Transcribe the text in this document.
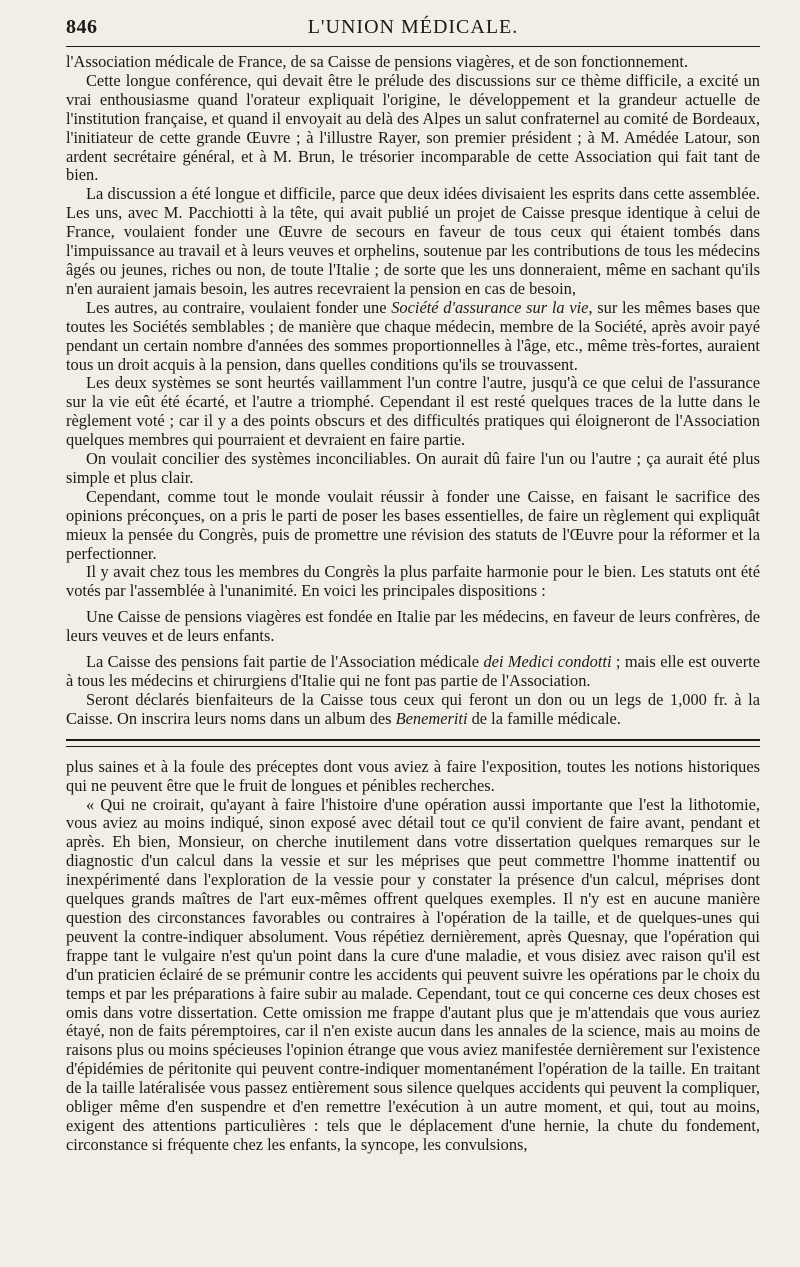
846	L'UNION MÉDICALE.

l'Association médicale de France, de sa Caisse de pensions viagères, et de son fonctionnement.

Cette longue conférence, qui devait être le prélude des discussions sur ce thème difficile, a excité un vrai enthousiasme quand l'orateur expliquait l'origine, le développement et la grandeur actuelle de l'institution française, et quand il envoyait au delà des Alpes un salut confraternel au comité de Bordeaux, l'initiateur de cette grande Œuvre ; à l'illustre Rayer, son premier président ; à M. Amédée Latour, son ardent secrétaire général, et à M. Brun, le trésorier incomparable de cette Association qui fait tant de bien.

La discussion a été longue et difficile, parce que deux idées divisaient les esprits dans cette assemblée. Les uns, avec M. Pacchiotti à la tête, qui avait publié un projet de Caisse presque identique à celui de France, voulaient fonder une Œuvre de secours en faveur de tous ceux qui étaient tombés dans l'impuissance au travail et à leurs veuves et orphelins, soutenue par les contributions de tous les médecins âgés ou jeunes, riches ou non, de toute l'Italie ; de sorte que les uns donneraient, même en sachant qu'ils n'en auraient jamais besoin, les autres recevraient la pension en cas de besoin,

Les autres, au contraire, voulaient fonder une Société d'assurance sur la vie, sur les mêmes bases que toutes les Sociétés semblables ; de manière que chaque médecin, membre de la Société, après avoir payé pendant un certain nombre d'années des sommes proportionnelles à l'âge, etc., même très-fortes, auraient tous un droit acquis à la pension, dans quelles conditions qu'ils se trouvassent.

Les deux systèmes se sont heurtés vaillamment l'un contre l'autre, jusqu'à ce que celui de l'assurance sur la vie eût été écarté, et l'autre a triomphé. Cependant il est resté quelques traces de la lutte dans le règlement voté ; car il y a des points obscurs et des difficultés pratiques qui éloigneront de l'Association quelques membres qui pourraient et devraient en faire partie.

On voulait concilier des systèmes inconciliables. On aurait dû faire l'un ou l'autre ; ça aurait été plus simple et plus clair.

Cependant, comme tout le monde voulait réussir à fonder une Caisse, en faisant le sacrifice des opinions préconçues, on a pris le parti de poser les bases essentielles, de faire un règlement qui expliquât mieux la pensée du Congrès, puis de promettre une révision des statuts de l'Œuvre pour la réformer et la perfectionner.

Il y avait chez tous les membres du Congrès la plus parfaite harmonie pour le bien. Les statuts ont été votés par l'assemblée à l'unanimité. En voici les principales dispositions :

Une Caisse de pensions viagères est fondée en Italie par les médecins, en faveur de leurs confrères, de leurs veuves et de leurs enfants.

La Caisse des pensions fait partie de l'Association médicale dei Medici condotti ; mais elle est ouverte à tous les médecins et chirurgiens d'Italie qui ne font pas partie de l'Association.

Seront déclarés bienfaiteurs de la Caisse tous ceux qui feront un don ou un legs de 1,000 fr. à la Caisse. On inscrira leurs noms dans un album des Benemeriti de la famille médicale.

plus saines et à la foule des préceptes dont vous aviez à faire l'exposition, toutes les notions historiques qui ne peuvent être que le fruit de longues et pénibles recherches.

« Qui ne croirait, qu'ayant à faire l'histoire d'une opération aussi importante que l'est la lithotomie, vous aviez au moins indiqué, sinon exposé avec détail tout ce qu'il convient de faire avant, pendant et après. Eh bien, Monsieur, on cherche inutilement dans votre dissertation quelques remarques sur le diagnostic d'un calcul dans la vessie et sur les méprises que peut commettre l'homme inattentif ou inexpérimenté dans l'exploration de la vessie pour y constater la présence d'un calcul, méprises dont quelques grands maîtres de l'art eux-mêmes offrent quelques exemples. Il n'y est en aucune manière question des circonstances favorables ou contraires à l'opération de la taille, et de quelques-unes qui peuvent la contre-indiquer absolument. Vous répétiez dernièrement, après Quesnay, que l'opération qui frappe tant le vulgaire n'est qu'un point dans la cure d'une maladie, et vous disiez avec raison qu'il est d'un praticien éclairé de se prémunir contre les accidents qui peuvent suivre les opérations par le choix du temps et par les préparations à faire subir au malade. Cependant, tout ce qui concerne ces deux choses est omis dans votre dissertation. Cette omission me frappe d'autant plus que je m'attendais que vous auriez étayé, non de faits péremptoires, car il n'en existe aucun dans les annales de la science, mais au moins de raisons plus ou moins spécieuses l'opinion étrange que vous aviez manifestée dernièrement sur l'existence d'épidémies de péritonite qui peuvent contre-indiquer momentanément l'opération de la taille. En traitant de la taille latéralisée vous passez entièrement sous silence quelques accidents qui peuvent la compliquer, obliger même d'en suspendre et d'en remettre l'exécution à un autre moment, et qui, tout au moins, exigent des attentions particulières : tels que le déplacement d'une hernie, la chute du fondement, circonstance si fréquente chez les enfants, la syncope, les convulsions,
